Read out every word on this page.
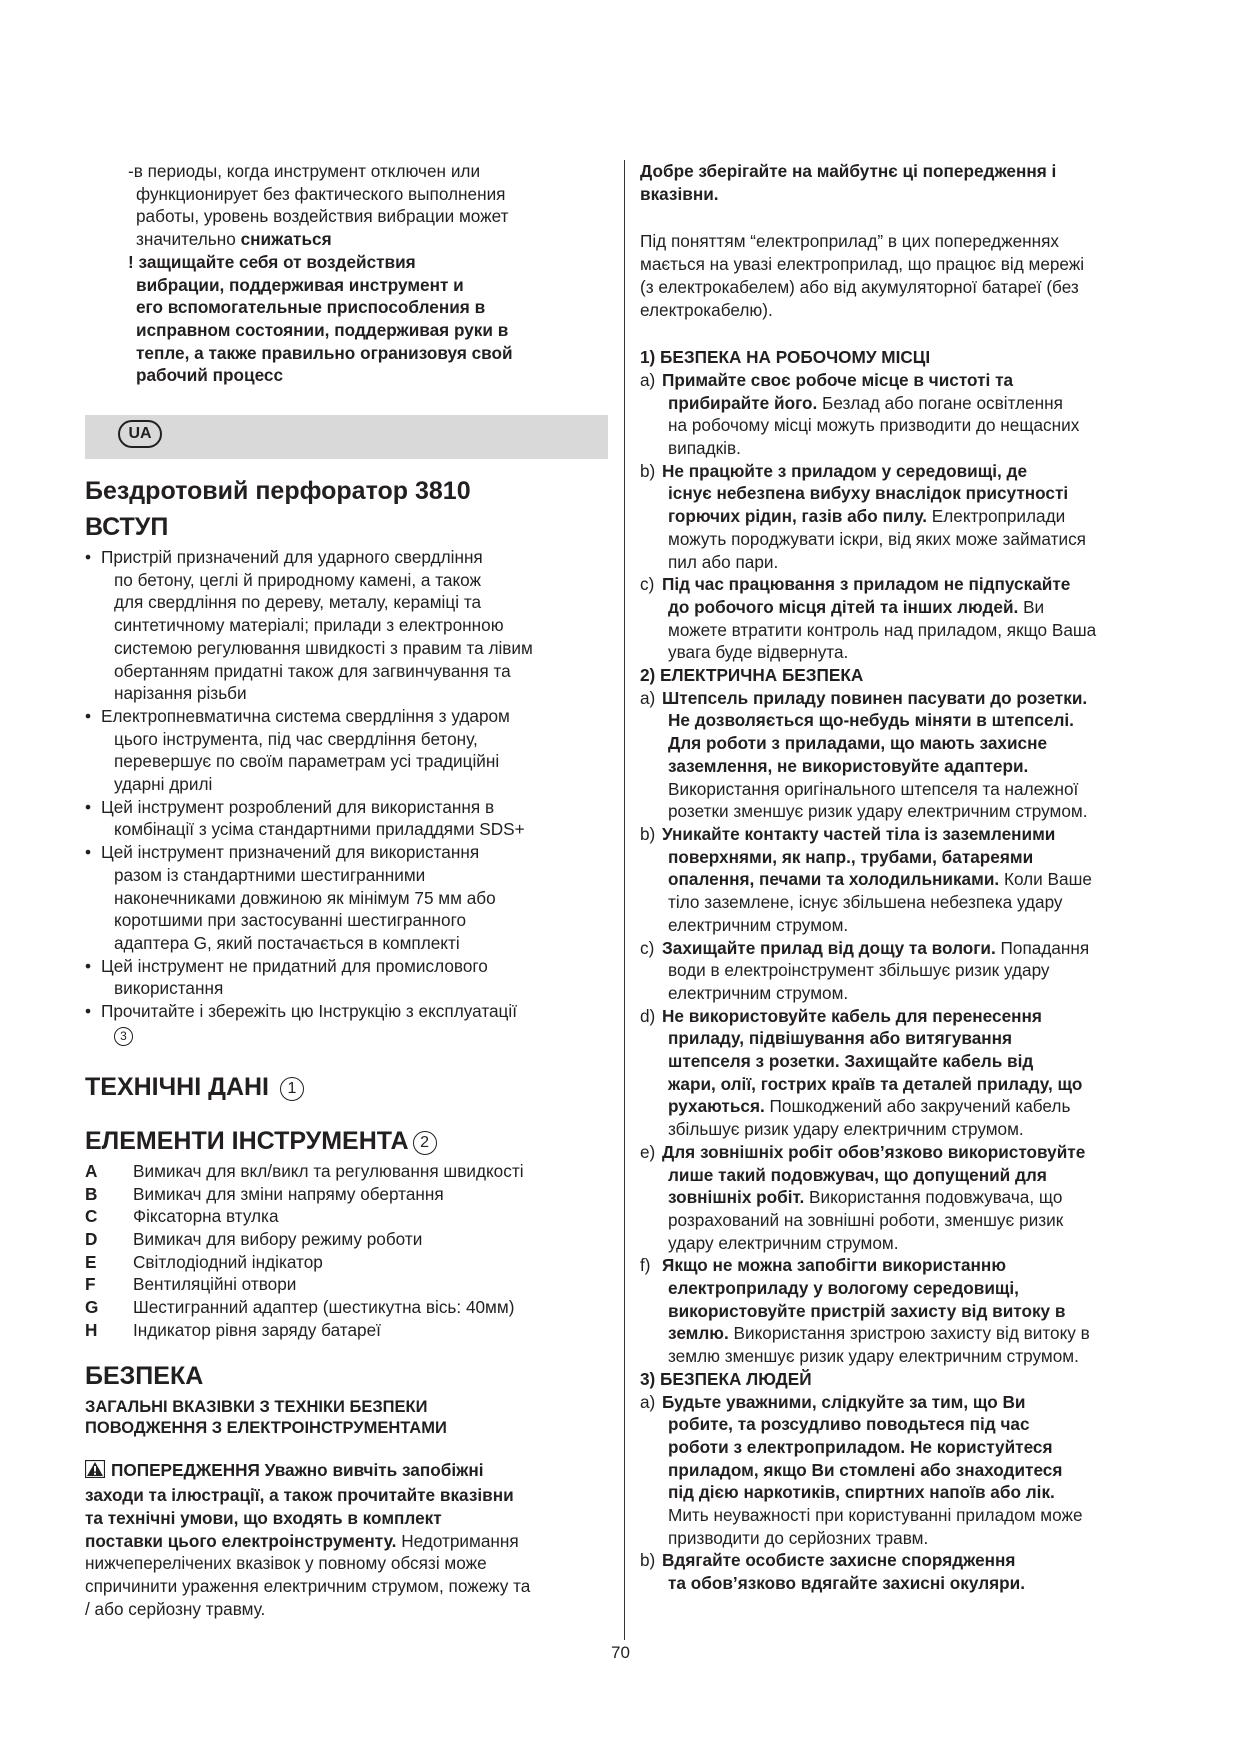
-в периоды, когда инструмент отключен или
функционирует без фактического выполнения
работы, уровень воздействия вибрации может
значительно снижаться
! защищайте себя от воздействия
вибрации, поддерживая инструмент и
его вспомогательные приспособления в
исправном состоянии, поддерживая руки в
тепле, а также правильно огранизовуя свой
рабочий процесс
UA
Бездротовий перфоратор 3810
ВСТУП
• Пристрій призначений для ударного свердління
по бетону, цеглі й природному камені, а також
для свердління по дереву, металу, кераміці та
синтетичному матеріалі; прилади з електронною
системою регулювання швидкості з правим та лівим
обертанням придатні також для загвинчування та
нарізання різьби
• Електропневматична система свердління з ударом
цього інструмента, під час свердління бетону,
перевершує по своїм параметрам усі традиційні
ударні дрилі
• Цей інструмент розроблений для використання в
комбінації з усіма стандартними приладдями SDS+
• Цей інструмент призначений для використання
разом із стандартними шестигранними
наконечниками довжиною як мінімум 75 мм або
коротшими при застосуванні шестигранного
адаптера G, який постачається в комплекті
• Цей інструмент не придатний для промислового
використання
• Прочитайте і збережіть цю Інструкцію з експлуатації
3
ТЕХНІЧНІ ДАНІ 1
ЕЛЕМЕНТИ ІНСТРУМЕНТА 2
A	Вимикач для вкл/викл та регулювання швидкості
B	Вимикач для зміни напряму обертання
C	Фіксаторна втулка
D	Вимикач для вибору режиму роботи
E	Світлодіодний індікатор
F	Вентиляційні отвори
G	Шестигранний адаптер (шестикутна вісь: 40мм)
H	Індикатор рівня заряду батареї
БЕЗПЕКА
ЗАГАЛЬНІ ВКАЗІВКИ З ТЕХНІКИ БЕЗПЕКИ
ПОВОДЖЕННЯ З ЕЛЕКТРОІНСТРУМЕНТАМИ
ПОПЕРЕДЖЕННЯ Уважно вивчіть запобіжні
заходи та ілюстрації, а також прочитайте вказівни
та технічні умови, що входять в комплект
поставки цього електроінструменту. Недотримання
нижчеперелічених вказівок у повному обсязі може
спричинити ураження електричним струмом, пожежу та
/ або серйозну травму.
Добре зберігайте на майбутнє ці попередження і
вказівни.
Під поняттям “електроприлад” в цих попередженнях
мається на увазі електроприлад, що працює від мережі
(з електрокабелем) або від акумуляторної батареї (без
електрокабелю).
1) БЕЗПЕКА НА РОБОЧОМУ МІСЦІ
a) Примайте своє робоче місце в чистоті та
прибирайте його. Безлад або погане освітлення
на робочому місці можуть призводити до нещасних
випадків.
b) Не працюйте з приладом у середовищі, де
існує небезпена вибуху внаслідок присутності
горючих рідин, газів або пилу. Електроприлади
можуть породжувати іскри, від яких може займатися
пил або пари.
c) Під час працювання з приладом не підпускайте
до робочого місця дітей та інших людей. Ви
можете втратити контроль над приладом, якщо Ваша
увага буде відвернута.
2) ЕЛЕКТРИЧНА БЕЗПЕКА
a) Штепсель приладу повинен пасувати до розетки.
Не дозволяється що-небудь міняти в штепселі.
Для роботи з приладами, що мають захисне
заземлення, не використовуйте адаптери.
Використання оригінального штепселя та належної
розетки зменшує ризик удару електричним струмом.
b) Уникайте контакту частей тіла із заземленими
поверхнями, як напр., трубами, батареями
опалення, печами та холодильниками. Коли Ваше
тіло заземлене, існує збільшена небезпека удару
електричним струмом.
c) Захищайте прилад від дощу та вологи. Попадання
води в електроінструмент збільшує ризик удару
електричним струмом.
d) Не використовуйте кабель для перенесення
приладу, підвішування або витягування
штепселя з розетки. Захищайте кабель від
жари, олії, гострих країв та деталей приладу, що
рухаються. Пошкоджений або закручений кабель
збільшує ризик удару електричним струмом.
e) Для зовнішніх робіт обов’язково використовуйте
лише такий подовжувач, що допущений для
зовнішніх робіт. Використання подовжувача, що
розрахований на зовнішні роботи, зменшує ризик
удару електричним струмом.
f) Якщо не можна запобігти використанню
електроприладу у вологому середовищі,
використовуйте пристрій захисту від витоку в
землю. Використання зристрою захисту від витоку в
землю зменшує ризик удару електричним струмом.
3) БЕЗПЕКА ЛЮДЕЙ
a) Будьте уважними, слідкуйте за тим, що Ви
робите, та розсудливо поводьтеся під час
роботи з електроприладом. Не користуйтеся
приладом, якщо Ви стомлені або знаходитеся
під дією наркотиків, спиртних напоїв або лік.
Мить неуважності при користуванні приладом може
призводити до серйозних травм.
b) Вдягайте особисте захисне спорядження
та обов’язково вдягайте захисні окуляри.
70
